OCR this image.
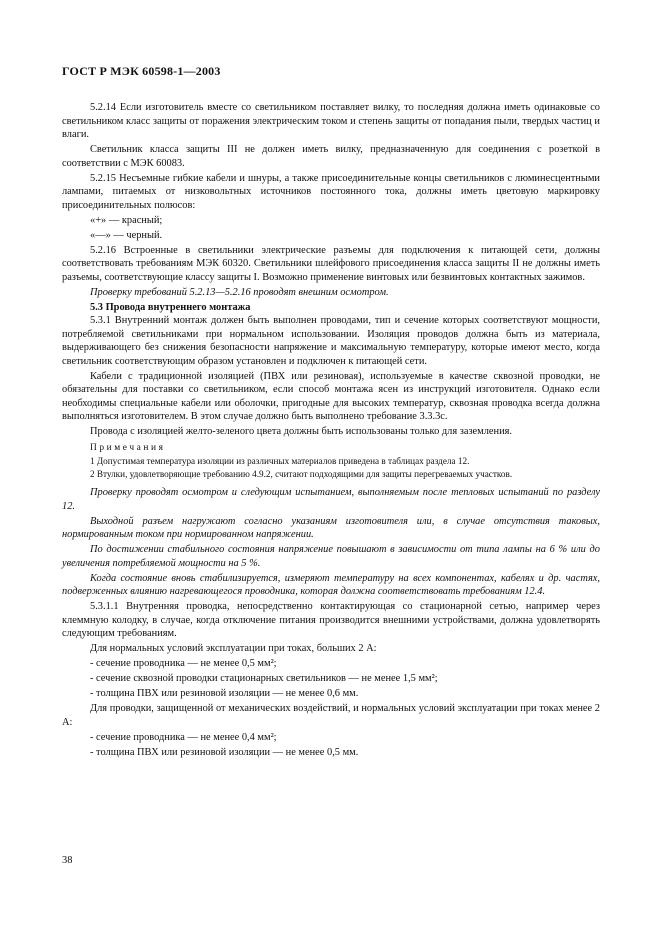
ГОСТ Р МЭК 60598-1—2003

5.2.14 Если изготовитель вместе со светильником поставляет вилку, то последняя должна иметь одинаковые со светильником класс защиты от поражения электрическим током и степень защиты от попадания пыли, твердых частиц и влаги.

Светильник класса защиты III не должен иметь вилку, предназначенную для соединения с розеткой в соответствии с МЭК 60083.

5.2.15 Несъемные гибкие кабели и шнуры, а также присоединительные концы светильников с люминесцентными лампами, питаемых от низковольтных источников постоянного тока, должны иметь цветовую маркировку присоединительных полюсов:

«+» — красный;

«—» — черный.

5.2.16 Встроенные в светильники электрические разъемы для подключения к питающей сети, должны соответствовать требованиям МЭК 60320. Светильники шлейфового присоединения класса защиты II не должны иметь разъемы, соответствующие классу защиты I. Возможно применение винтовых или безвинтовых контактных зажимов.

Проверку требований 5.2.13—5.2.16 проводят внешним осмотром.

5.3 Провода внутреннего монтажа

5.3.1 Внутренний монтаж должен быть выполнен проводами, тип и сечение которых соответствуют мощности, потребляемой светильниками при нормальном использовании. Изоляция проводов должна быть из материала, выдерживающего без снижения безопасности напряжение и максимальную температуру, которые имеют место, когда светильник соответствующим образом установлен и подключен к питающей сети.

Кабели с традиционной изоляцией (ПВХ или резиновая), используемые в качестве сквозной проводки, не обязательны для поставки со светильником, если способ монтажа ясен из инструкций изготовителя. Однако если необходимы специальные кабели или оболочки, пригодные для высоких температур, сквозная проводка всегда должна выполняться изготовителем. В этом случае должно быть выполнено требование 3.3.3с.

Провода с изоляцией желто-зеленого цвета должны быть использованы только для заземления.

Примечания
1 Допустимая температура изоляции из различных материалов приведена в таблицах раздела 12.
2 Втулки, удовлетворяющие требованию 4.9.2, считают подходящими для защиты перегреваемых участков.

Проверку проводят осмотром и следующим испытанием, выполняемым после тепловых испытаний по разделу 12.

Выходной разъем нагружают согласно указаниям изготовителя или, в случае отсутствия таковых, нормированным током при нормированном напряжении.

По достижении стабильного состояния напряжение повышают в зависимости от типа лампы на 6 % или до увеличения потребляемой мощности на 5 %.

Когда состояние вновь стабилизируется, измеряют температуру на всех компонентах, кабелях и др. частях, подверженных влиянию нагревающегося проводника, которая должна соответствовать требованиям 12.4.

5.3.1.1 Внутренняя проводка, непосредственно контактирующая со стационарной сетью, например через клеммную колодку, в случае, когда отключение питания производится внешними устройствами, должна удовлетворять следующим требованиям.

Для нормальных условий эксплуатации при токах, больших 2 А:

- сечение проводника — не менее 0,5 мм²;

- сечение сквозной проводки стационарных светильников — не менее 1,5 мм²;

- толщина ПВХ или резиновой изоляции — не менее 0,6 мм.

Для проводки, защищенной от механических воздействий, и нормальных условий эксплуатации при токах менее 2 А:

- сечение проводника — не менее 0,4 мм²;

- толщина ПВХ или резиновой изоляции — не менее 0,5 мм.

38
